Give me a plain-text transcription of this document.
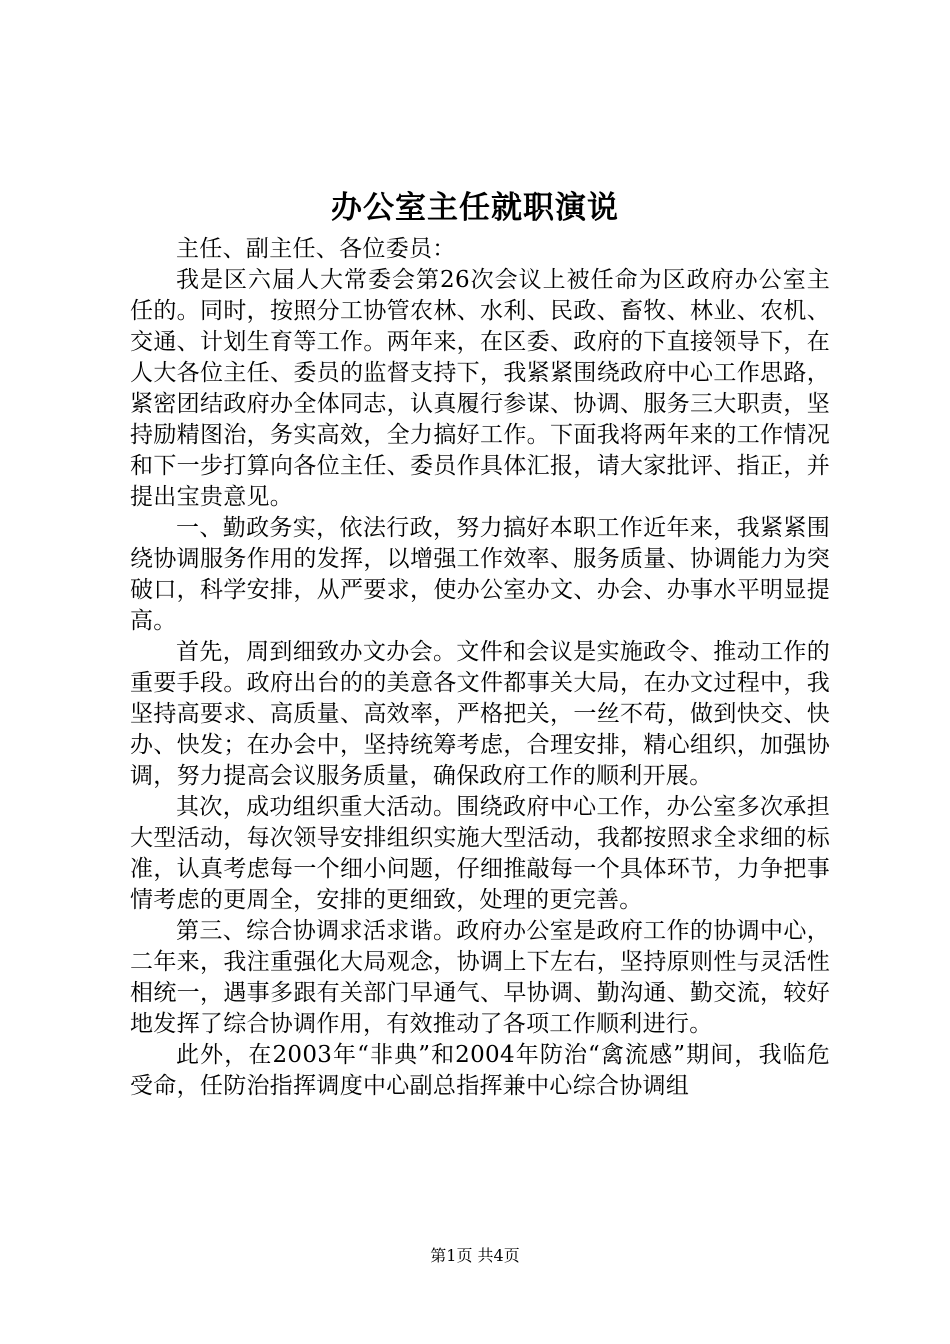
办公室主任就职演说

主任、副主任、各位委员：

我是区六届人大常委会第26次会议上被任命为区政府办公室主任的。同时，按照分工协管农林、水利、民政、畜牧、林业、农机、交通、计划生育等工作。两年来，在区委、政府的下直接领导下，在人大各位主任、委员的监督支持下，我紧紧围绕政府中心工作思路，紧密团结政府办全体同志，认真履行参谋、协调、服务三大职责，坚持励精图治，务实高效，全力搞好工作。下面我将两年来的工作情况和下一步打算向各位主任、委员作具体汇报，请大家批评、指正，并提出宝贵意见。

一、勤政务实，依法行政，努力搞好本职工作近年来，我紧紧围绕协调服务作用的发挥，以增强工作效率、服务质量、协调能力为突破口，科学安排，从严要求，使办公室办文、办会、办事水平明显提高。

首先，周到细致办文办会。文件和会议是实施政令、推动工作的重要手段。政府出台的的美意各文件都事关大局，在办文过程中，我坚持高要求、高质量、高效率，严格把关，一丝不苟，做到快交、快办、快发；在办会中，坚持统筹考虑，合理安排，精心组织，加强协调，努力提高会议服务质量，确保政府工作的顺利开展。

其次，成功组织重大活动。围绕政府中心工作，办公室多次承担大型活动，每次领导安排组织实施大型活动，我都按照求全求细的标准，认真考虑每一个细小问题，仔细推敲每一个具体环节，力争把事情考虑的更周全，安排的更细致，处理的更完善。

第三、综合协调求活求谐。政府办公室是政府工作的协调中心，二年来，我注重强化大局观念，协调上下左右，坚持原则性与灵活性相统一，遇事多跟有关部门早通气、早协调、勤沟通、勤交流，较好地发挥了综合协调作用，有效推动了各项工作顺利进行。

此外，在2003年“非典”和2004年防治“禽流感”期间，我临危受命，任防治指挥调度中心副总指挥兼中心综合协调组

第1页 共4页
